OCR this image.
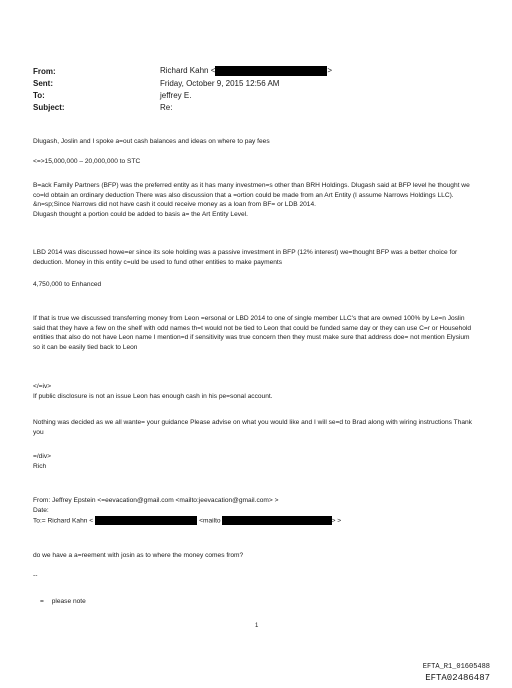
From:	Richard Kahn <	>
Sent:	Friday, October 9, 2015 12:56 AM
To:	jeffrey E.
Subject:	Re:

Dlugash, Joslin and I spoke a=out cash balances and ideas on where to pay fees

<=>15,000,000 – 20,000,000 to STC

B=ack Family Partners (BFP) was the preferred entity as it has many investmen=s other than BRH Holdings. Dlugash said at BFP level he thought we co=ld obtain an ordinary deduction There was also discussion that a =ortion could be made from an Art Entity (I assume Narrows Holdings LLC). &n=sp;Since Narrows did not have cash it could receive money as a loan from BF= or LDB 2014.

Dlugash thought a portion could be added to basis a= the Art Entity Level.

LBD 2014 was discussed howe=er since its sole holding was a passive investment in BFP (12% interest) we=thought BFP was a better choice for deduction. Money in this entity c=uld be used to fund other entities to make payments

4,750,000 to Enhanced

If that is true we discussed transferring money from Leon =ersonal or LBD 2014 to one of single member LLC's that are owned 100% by Le=n Joslin said that they have a few on the shelf with odd names th=t would not be tied to Leon that could be funded same day or they can use C=r or Household entities that also do not have Leon name I mention=d if sensitivity was true concern then they must make sure that address doe= not mention Elysium so it can be easily tied back to Leon

</=iv>

If public disclosure is not an issue Leon has enough cash in his pe=sonal account.

Nothing was decided as we all wante= your guidance Please advise on what you would like and I will se=d to Brad along with wiring instructions Thank you

=/div>

Rich

From: Jeffrey Epstein <=eevacation@gmail.com <mailto:jeevacation@gmail.com> >

Date:

To:= Richard Kahn <	<mailto	> >

do we have a a=reement with josin as to where the money comes from?

--

= please note
1
EFTA_R1_01605488
EFTA02486487
